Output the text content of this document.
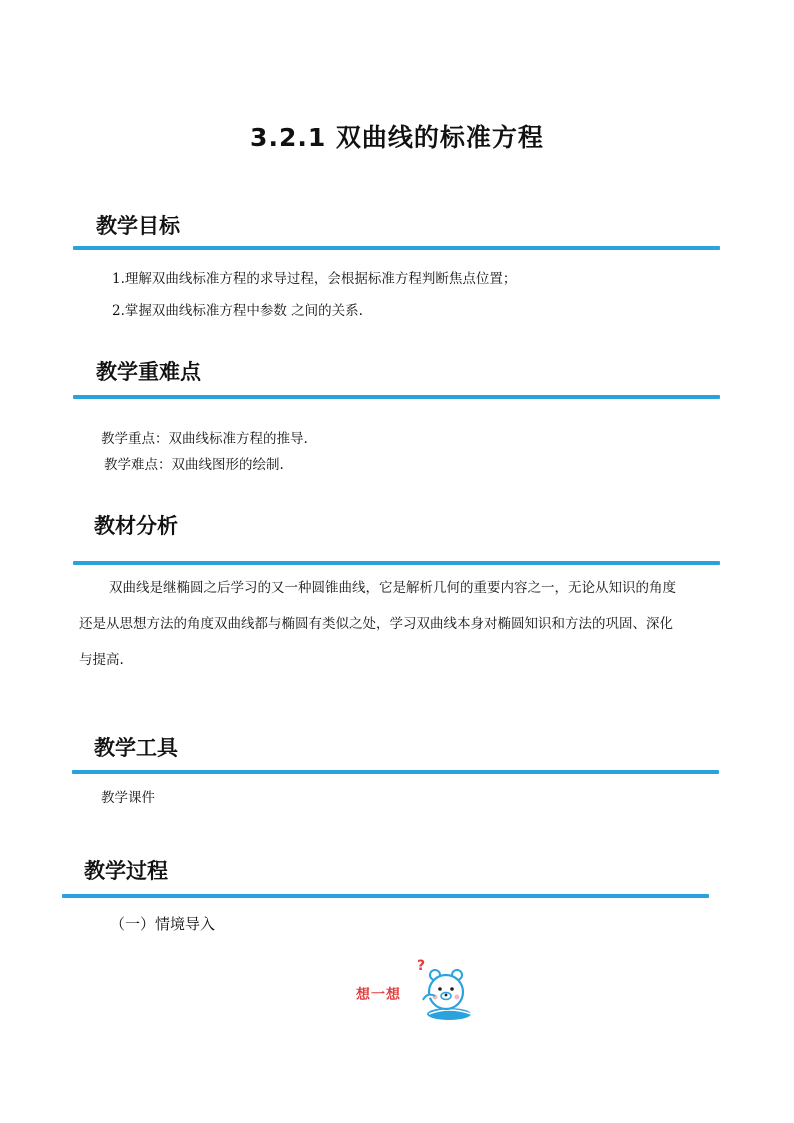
3.2.1 双曲线的标准方程
教学目标
1.理解双曲线标准方程的求导过程，会根据标准方程判断焦点位置；
2.掌握双曲线标准方程中参数 之间的关系.
教学重难点
教学重点：双曲线标准方程的推导.
教学难点：双曲线图形的绘制.
教材分析
双曲线是继椭圆之后学习的又一种圆锥曲线，它是解析几何的重要内容之一，无论从知识的角度
还是从思想方法的角度双曲线都与椭圆有类似之处，学习双曲线本身对椭圆知识和方法的巩固、深化
与提高.
教学工具
教学课件
教学过程
（一）情境导入
想一想
?
